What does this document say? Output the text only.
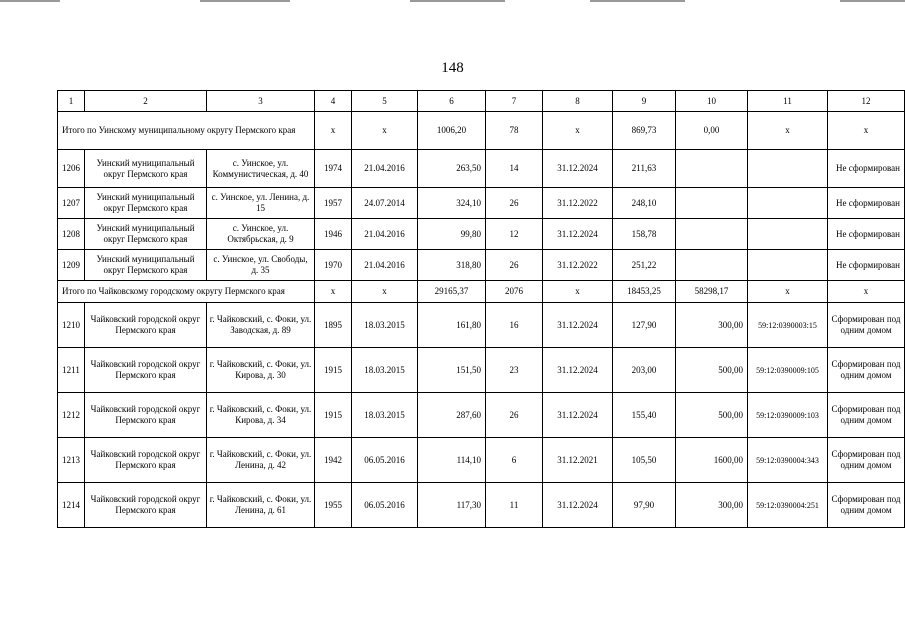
148
1	2	3	4	5	6	7	8	9	10	11	12
Итого по Уинскому муниципальному округу Пермского края			x	x	1006,20	78	x	869,73	0,00	x	x
1206	Уинский муниципальный округ Пермского края	с. Уинское, ул. Коммунистическая, д. 40	1974	21.04.2016	263,50	14	31.12.2024	211,63			Не сформирован
1207	Уинский муниципальный округ Пермского края	с. Уинское, ул. Ленина, д. 15	1957	24.07.2014	324,10	26	31.12.2022	248,10			Не сформирован
1208	Уинский муниципальный округ Пермского края	с. Уинское, ул. Октябрьская, д. 9	1946	21.04.2016	99,80	12	31.12.2024	158,78			Не сформирован
1209	Уинский муниципальный округ Пермского края	с. Уинское, ул. Свободы, д. 35	1970	21.04.2016	318,80	26	31.12.2022	251,22			Не сформирован
Итого по Чайковскому городскому округу Пермского края			x	x	29165,37	2076	x	18453,25	58298,17	x	x
1210	Чайковский городской округ Пермского края	г. Чайковский, с. Фоки, ул. Заводская, д. 89	1895	18.03.2015	161,80	16	31.12.2024	127,90	300,00	59:12:0390003:15	Сформирован под одним домом
1211	Чайковский городской округ Пермского края	г. Чайковский, с. Фоки, ул. Кирова, д. 30	1915	18.03.2015	151,50	23	31.12.2024	203,00	500,00	59:12:0390009:105	Сформирован под одним домом
1212	Чайковский городской округ Пермского края	г. Чайковский, с. Фоки, ул. Кирова, д. 34	1915	18.03.2015	287,60	26	31.12.2024	155,40	500,00	59:12:0390009:103	Сформирован под одним домом
1213	Чайковский городской округ Пермского края	г. Чайковский, с. Фоки, ул. Ленина, д. 42	1942	06.05.2016	114,10	6	31.12.2021	105,50	1600,00	59:12:0390004:343	Сформирован под одним домом
1214	Чайковский городской округ Пермского края	г. Чайковский, с. Фоки, ул. Ленина, д. 61	1955	06.05.2016	117,30	11	31.12.2024	97,90	300,00	59:12:0390004:251	Сформирован под одним домом
